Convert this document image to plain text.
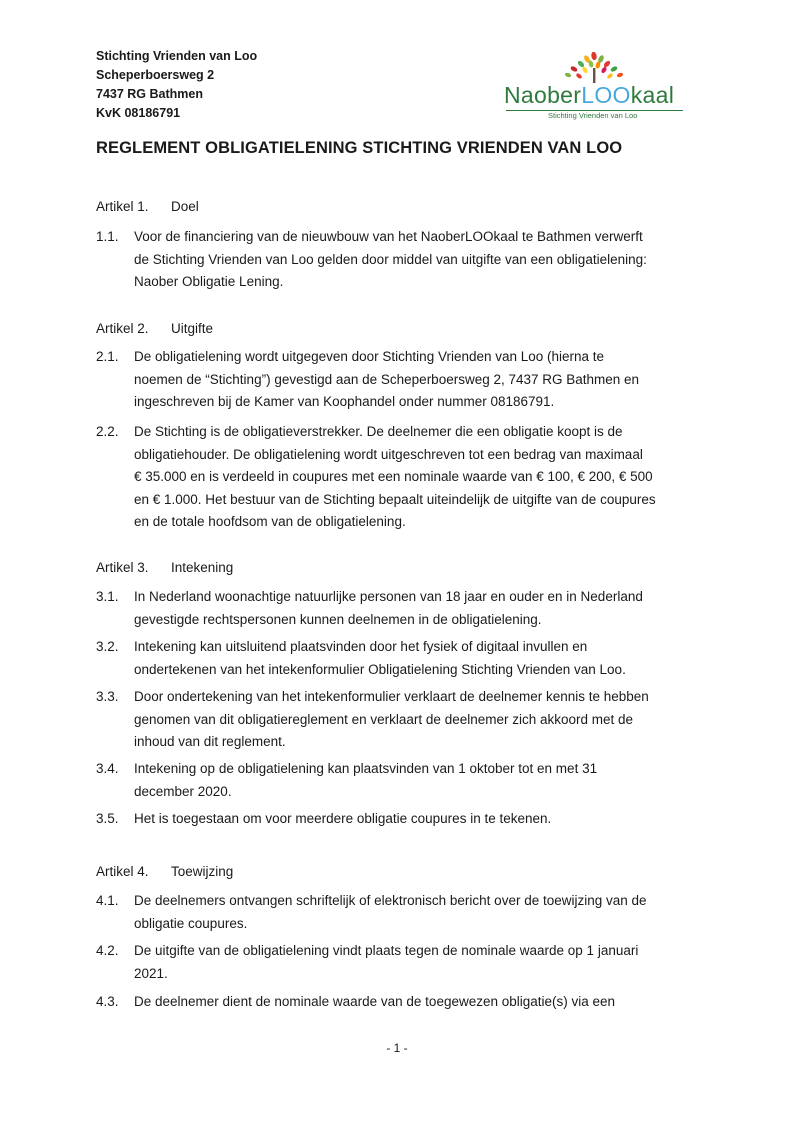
Stichting Vrienden van Loo
Scheperboersweg 2
7437 RG Bathmen
KvK 08186791
NaoberLOOkaal
Stichting Vrienden van Loo
REGLEMENT OBLIGATIELENING STICHTING VRIENDEN VAN LOO
Artikel 1. Doel
1.1. Voor de financiering van de nieuwbouw van het NaoberLOOkaal te Bathmen verwerft
de Stichting Vrienden van Loo gelden door middel van uitgifte van een obligatielening:
Naober Obligatie Lening.
Artikel 2. Uitgifte
2.1. De obligatielening wordt uitgegeven door Stichting Vrienden van Loo (hierna te
noemen de “Stichting”) gevestigd aan de Scheperboersweg 2, 7437 RG Bathmen en
ingeschreven bij de Kamer van Koophandel onder nummer 08186791.
2.2. De Stichting is de obligatieverstrekker. De deelnemer die een obligatie koopt is de
obligatiehouder. De obligatielening wordt uitgeschreven tot een bedrag van maximaal
€ 35.000 en is verdeeld in coupures met een nominale waarde van € 100, € 200, € 500
en € 1.000. Het bestuur van de Stichting bepaalt uiteindelijk de uitgifte van de coupures
en de totale hoofdsom van de obligatielening.
Artikel 3. Intekening
3.1. In Nederland woonachtige natuurlijke personen van 18 jaar en ouder en in Nederland
gevestigde rechtspersonen kunnen deelnemen in de obligatielening.
3.2. Intekening kan uitsluitend plaatsvinden door het fysiek of digitaal invullen en
ondertekenen van het intekenformulier Obligatielening Stichting Vrienden van Loo.
3.3. Door ondertekening van het intekenformulier verklaart de deelnemer kennis te hebben
genomen van dit obligatiereglement en verklaart de deelnemer zich akkoord met de
inhoud van dit reglement.
3.4. Intekening op de obligatielening kan plaatsvinden van 1 oktober tot en met 31
december 2020.
3.5. Het is toegestaan om voor meerdere obligatie coupures in te tekenen.
Artikel 4. Toewijzing
4.1. De deelnemers ontvangen schriftelijk of elektronisch bericht over de toewijzing van de
obligatie coupures.
4.2. De uitgifte van de obligatielening vindt plaats tegen de nominale waarde op 1 januari
2021.
4.3. De deelnemer dient de nominale waarde van de toegewezen obligatie(s) via een
- 1 -
